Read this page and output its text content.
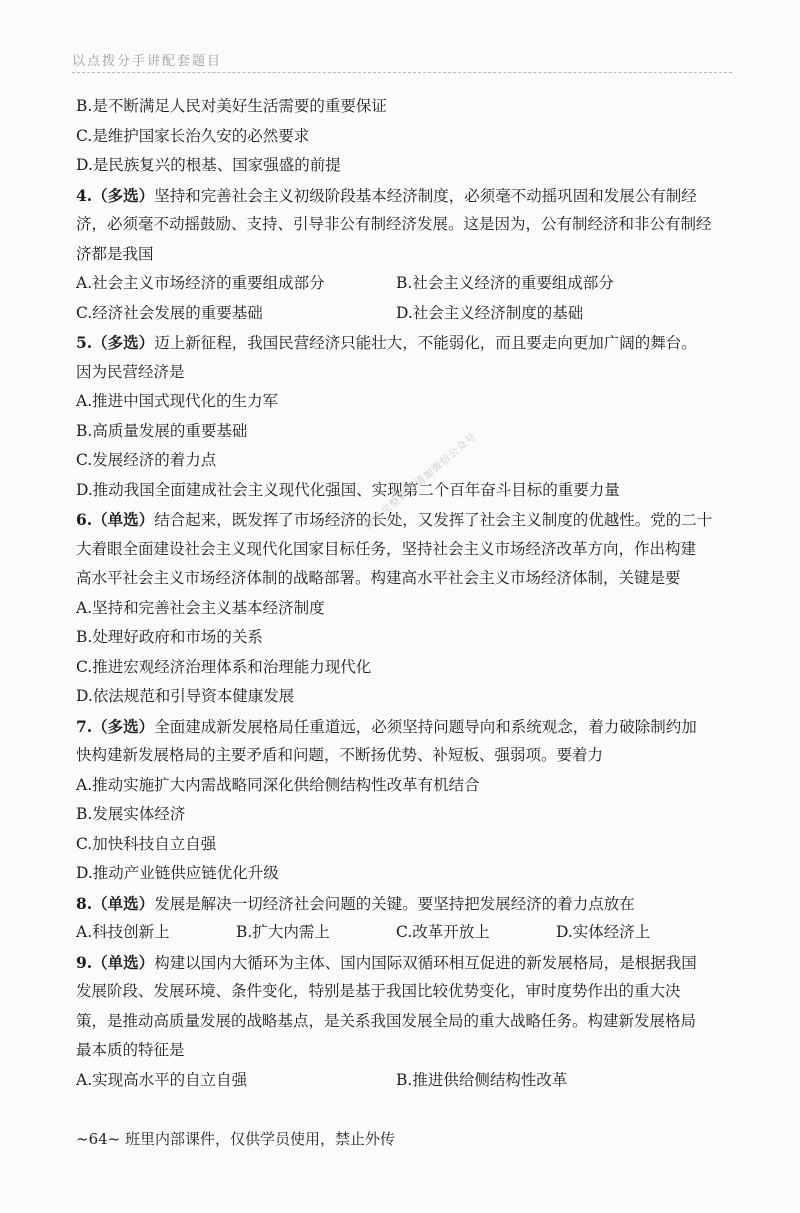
以点拨分手讲配套题目
B.是不断满足人民对美好生活需要的重要保证
C.是维护国家长治久安的必然要求
D.是民族复兴的根基、国家强盛的前提
4.（多选）坚持和完善社会主义初级阶段基本经济制度，必须毫不动摇巩固和发展公有制经
济，必须毫不动摇鼓励、支持、引导非公有制经济发展。这是因为，公有制经济和非公有制经
济都是我国
A.社会主义市场经济的重要组成部分	B.社会主义经济的重要组成部分
C.经济社会发展的重要基础	D.社会主义经济制度的基础
5.（多选）迈上新征程，我国民营经济只能壮大，不能弱化，而且要走向更加广阔的舞台。
因为民营经济是
A.推进中国式现代化的生力军
B.高质量发展的重要基础
C.发展经济的着力点
D.推动我国全面建成社会主义现代化强国、实现第二个百年奋斗目标的重要力量
6.（单选）结合起来，既发挥了市场经济的长处，又发挥了社会主义制度的优越性。党的二十
大着眼全面建设社会主义现代化国家目标任务，坚持社会主义市场经济改革方向，作出构建
高水平社会主义市场经济体制的战略部署。构建高水平社会主义市场经济体制，关键是要
A.坚持和完善社会主义基本经济制度
B.处理好政府和市场的关系
C.推进宏观经济治理体系和治理能力现代化
D.依法规范和引导资本健康发展
7.（多选）全面建成新发展格局任重道远，必须坚持问题导向和系统观念，着力破除制约加
快构建新发展格局的主要矛盾和问题，不断扬优势、补短板、强弱项。要着力
A.推动实施扩大内需战略同深化供给侧结构性改革有机结合
B.发展实体经济
C.加快科技自立自强
D.推动产业链供应链优化升级
8.（单选）发展是解决一切经济社会问题的关键。要坚持把发展经济的着力点放在
A.科技创新上	B.扩大内需上	C.改革开放上	D.实体经济上
9.（单选）构建以国内大循环为主体、国内国际双循环相互促进的新发展格局，是根据我国
发展阶段、发展环境、条件变化，特别是基于我国比较优势变化，审时度势作出的重大决
策，是推动高质量发展的战略基点，是关系我国发展全局的重大战略任务。构建新发展格局
最本质的特征是
A.实现高水平的自立自强	B.推进供给侧结构性改革
提供完整资料请加微信公众号
~64~ 班里内部课件，仅供学员使用，禁止外传
